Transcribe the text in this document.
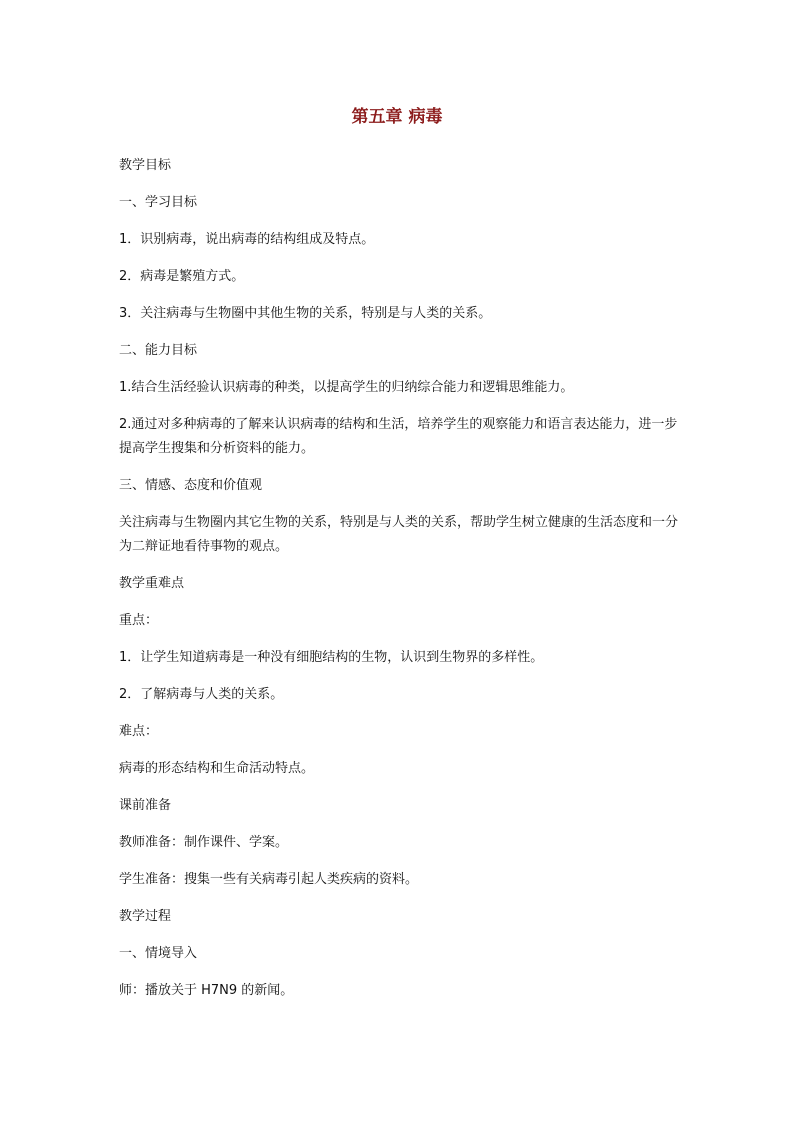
第五章 病毒

教学目标

一、学习目标

1．识别病毒，说出病毒的结构组成及特点。

2．病毒是繁殖方式。

3．关注病毒与生物圈中其他生物的关系，特别是与人类的关系。

二、能力目标

1.结合生活经验认识病毒的种类，以提高学生的归纳综合能力和逻辑思维能力。

2.通过对多种病毒的了解来认识病毒的结构和生活，培养学生的观察能力和语言表达能力，进一步提高学生搜集和分析资料的能力。

三、情感、态度和价值观

关注病毒与生物圈内其它生物的关系，特别是与人类的关系，帮助学生树立健康的生活态度和一分为二辩证地看待事物的观点。

教学重难点

重点：

1．让学生知道病毒是一种没有细胞结构的生物，认识到生物界的多样性。

2．了解病毒与人类的关系。

难点：

病毒的形态结构和生命活动特点。

课前准备

教师准备：制作课件、学案。

学生准备：搜集一些有关病毒引起人类疾病的资料。

教学过程

一、情境导入

师：播放关于 H7N9 的新闻。
